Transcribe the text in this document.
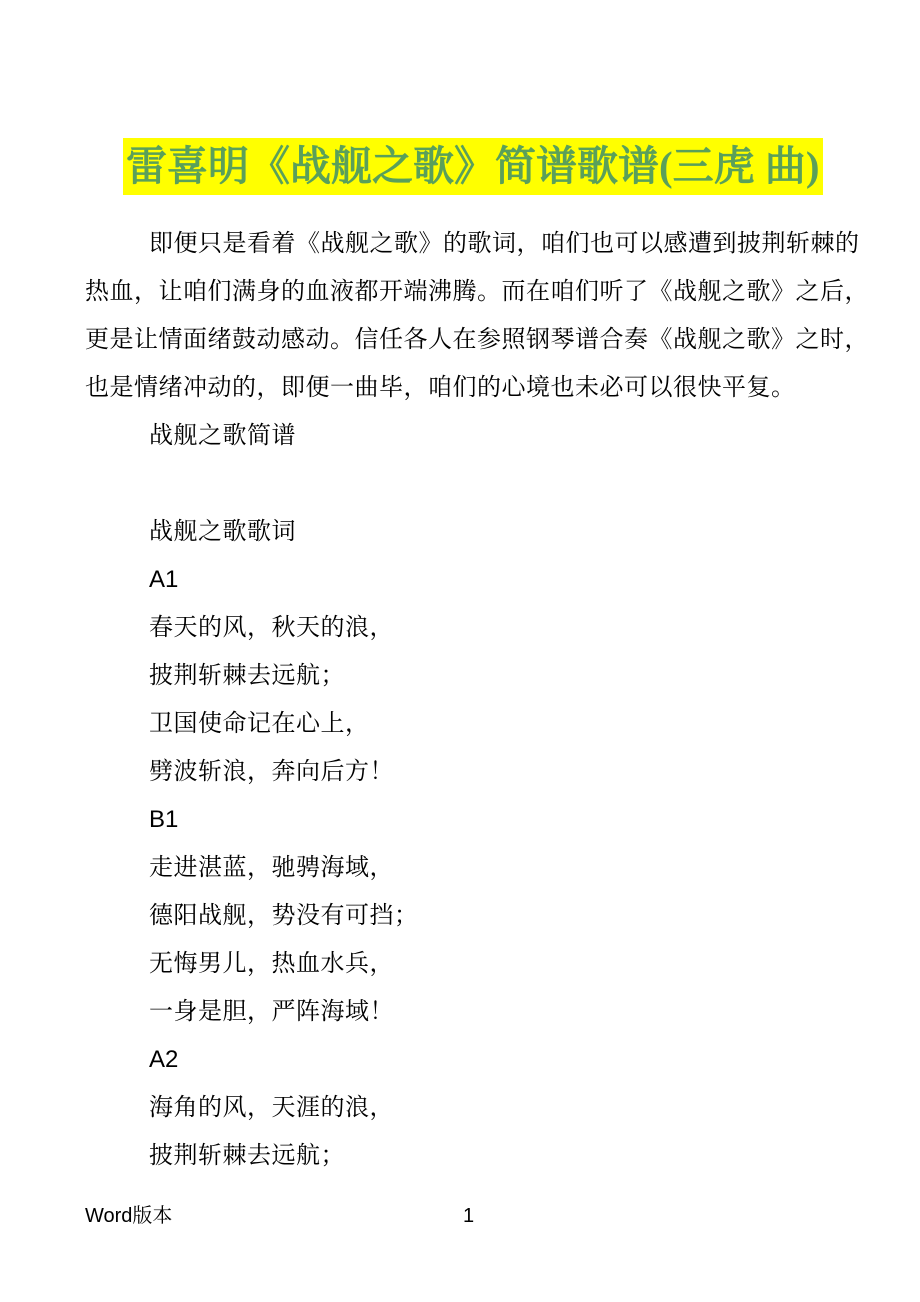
雷喜明《战舰之歌》简谱歌谱(三虎 曲)
即便只是看着《战舰之歌》的歌词，咱们也可以感遭到披荆斩棘的
热血，让咱们满身的血液都开端沸腾。而在咱们听了《战舰之歌》之后，
更是让情面绪鼓动感动。信任各人在参照钢琴谱合奏《战舰之歌》之时，
也是情绪冲动的，即便一曲毕，咱们的心境也未必可以很快平复。
战舰之歌简谱
战舰之歌歌词
A1
春天的风，秋天的浪，
披荆斩棘去远航；
卫国使命记在心上，
劈波斩浪，奔向后方！
B1
走进湛蓝，驰骋海域，
德阳战舰，势没有可挡；
无悔男儿，热血水兵，
一身是胆，严阵海域！
A2
海角的风，天涯的浪，
披荆斩棘去远航；
Word版本	1
